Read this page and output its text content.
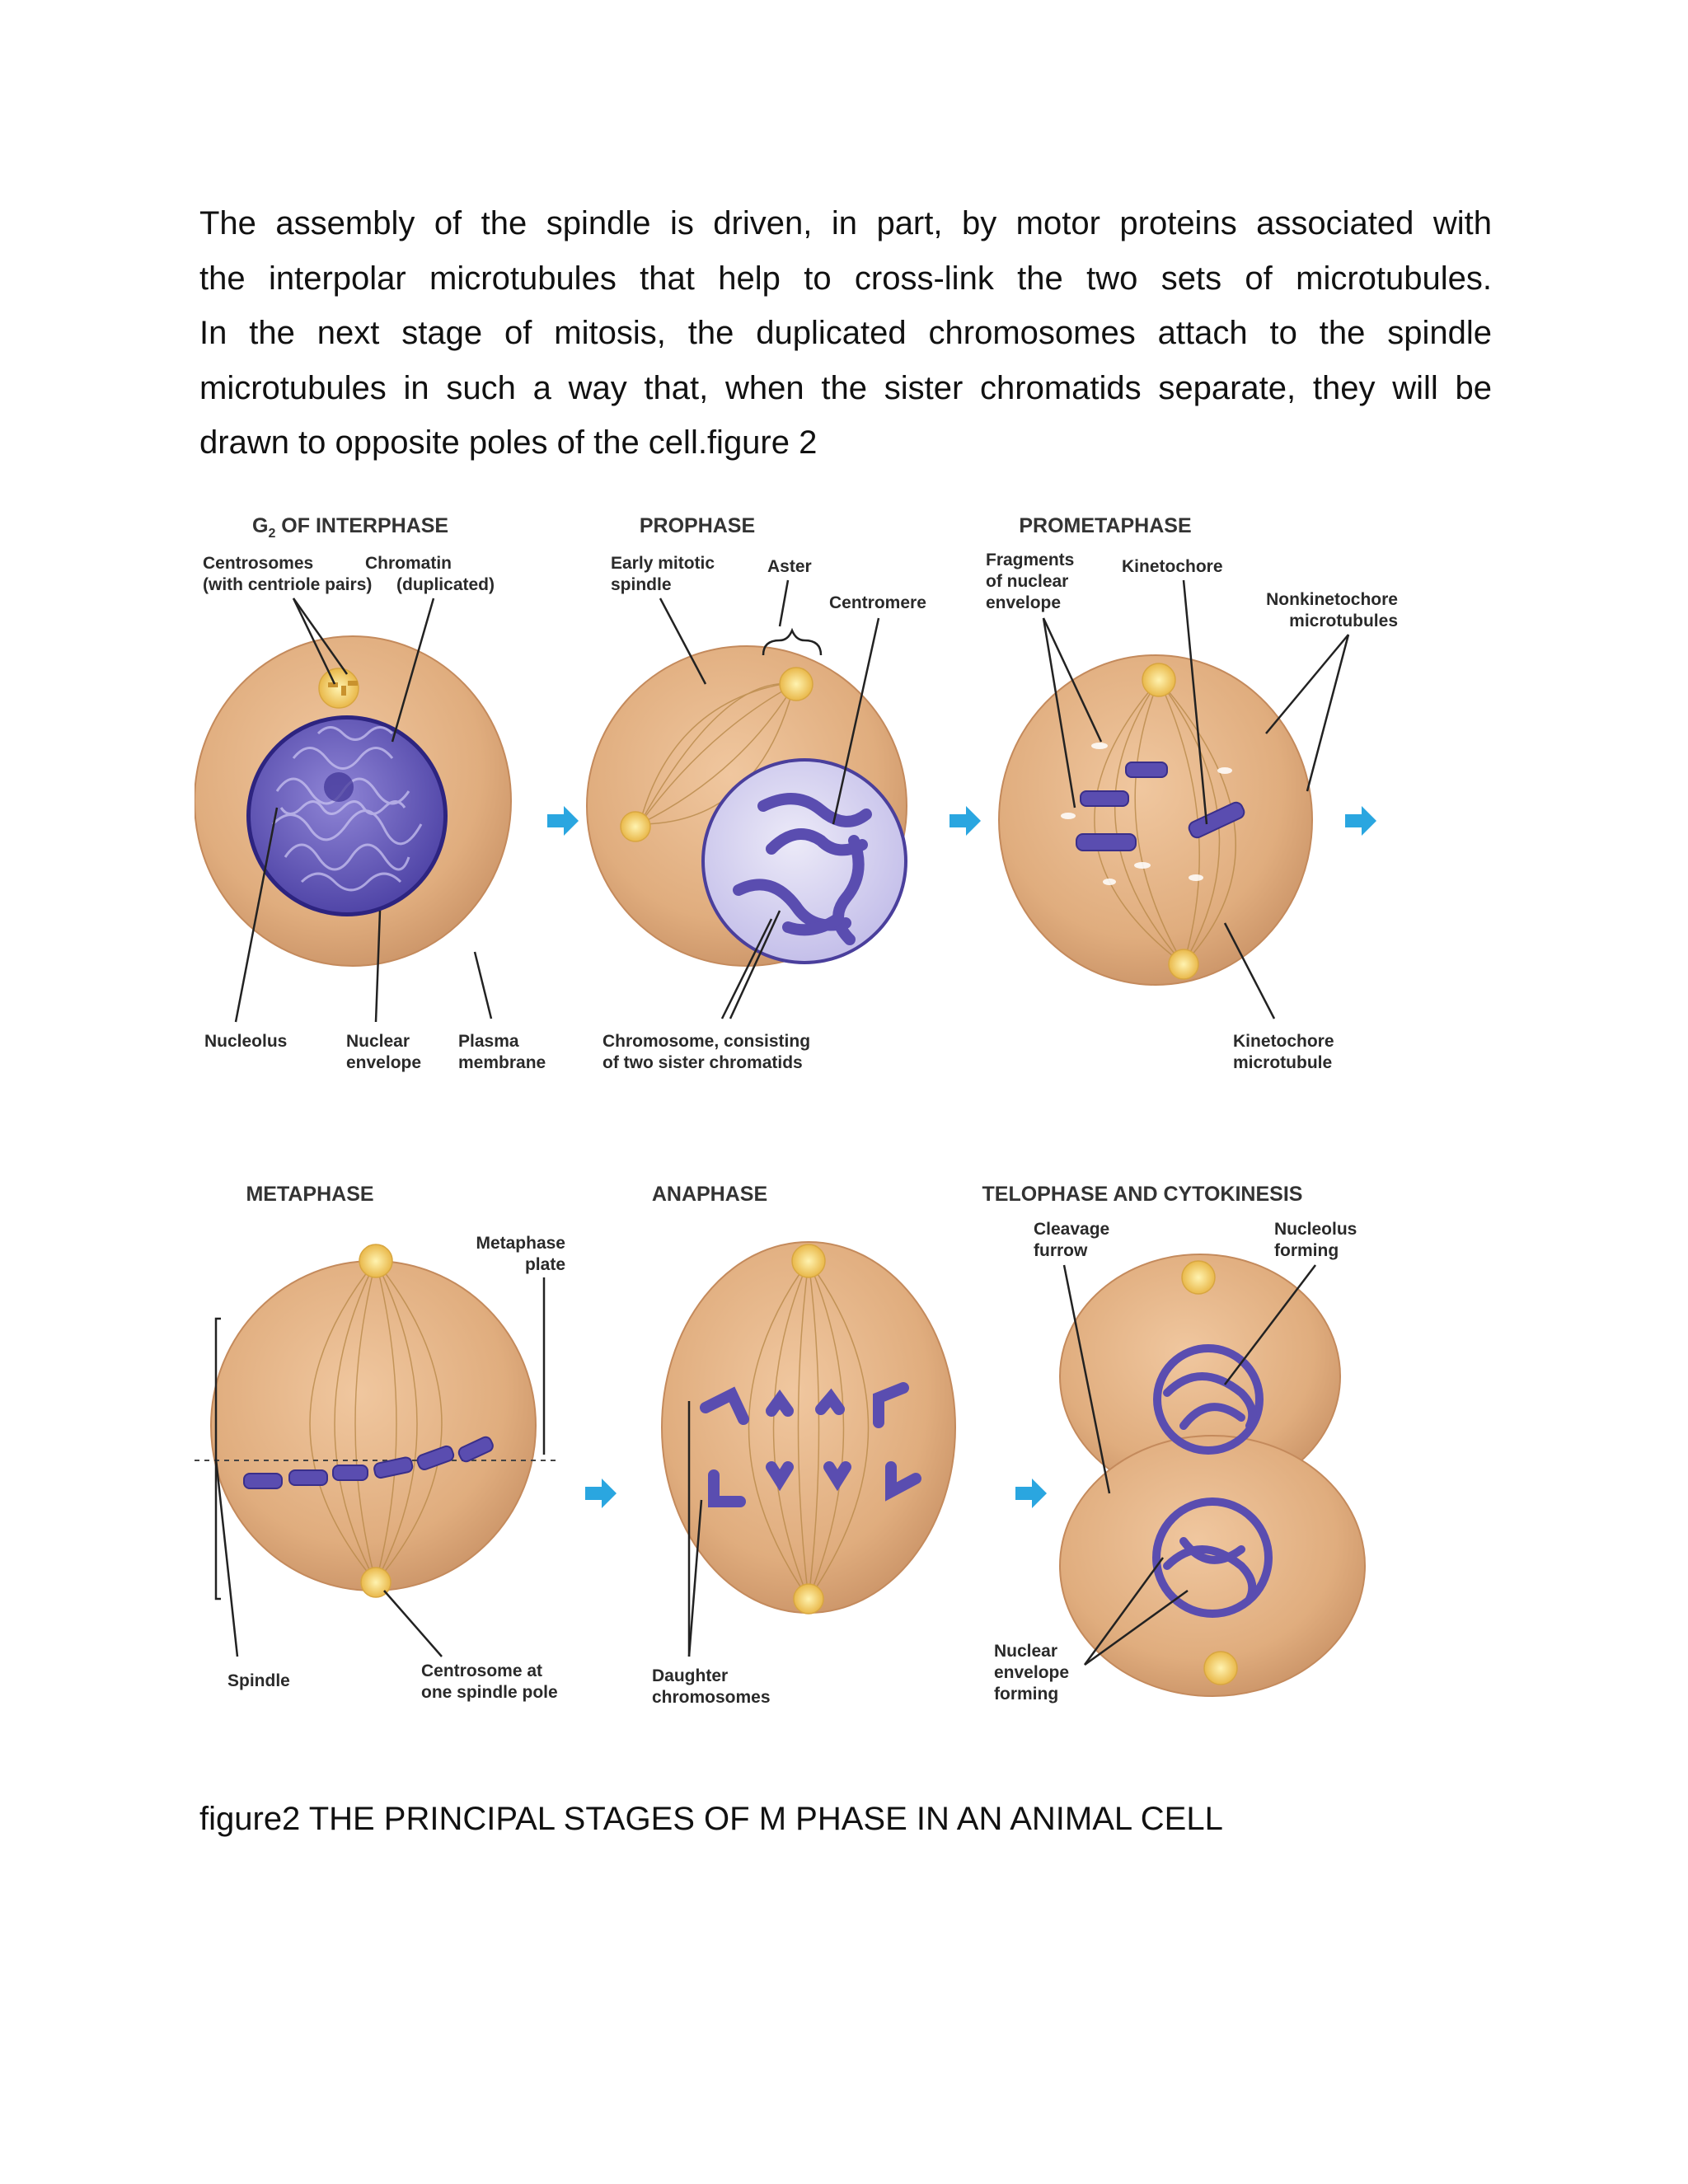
The assembly of the spindle is driven, in part, by motor proteins associated with
the interpolar microtubules that help to cross-link the two sets of microtubules.
In the next stage of mitosis, the duplicated chromosomes attach to the spindle
microtubules in such a way that, when the sister chromatids separate, they will be
drawn to opposite poles of the cell.figure 2
$G_2$ OF INTERPHASE	PROPHASE	PROMETAPHASE
Centrosomes
(with centriole pairs)
Chromatin
(duplicated)
Nucleolus	Nuclear
envelope
Plasma
membrane
Early mitotic
spindle
Aster
Centromere
Chromosome, consisting
of two sister chromatids
Fragments
of nuclear
envelope
Kinetochore
Nonkinetochore
microtubules
Kinetochore
microtubule
METAPHASE	ANAPHASE	TELOPHASE AND CYTOKINESIS
Metaphase
plate
Spindle
Centrosome at
one spindle pole
Daughter
chromosomes
Cleavage
furrow
Nucleolus
forming
Nuclear
envelope
forming

figure2 THE PRINCIPAL STAGES OF M PHASE IN AN ANIMAL CELL
